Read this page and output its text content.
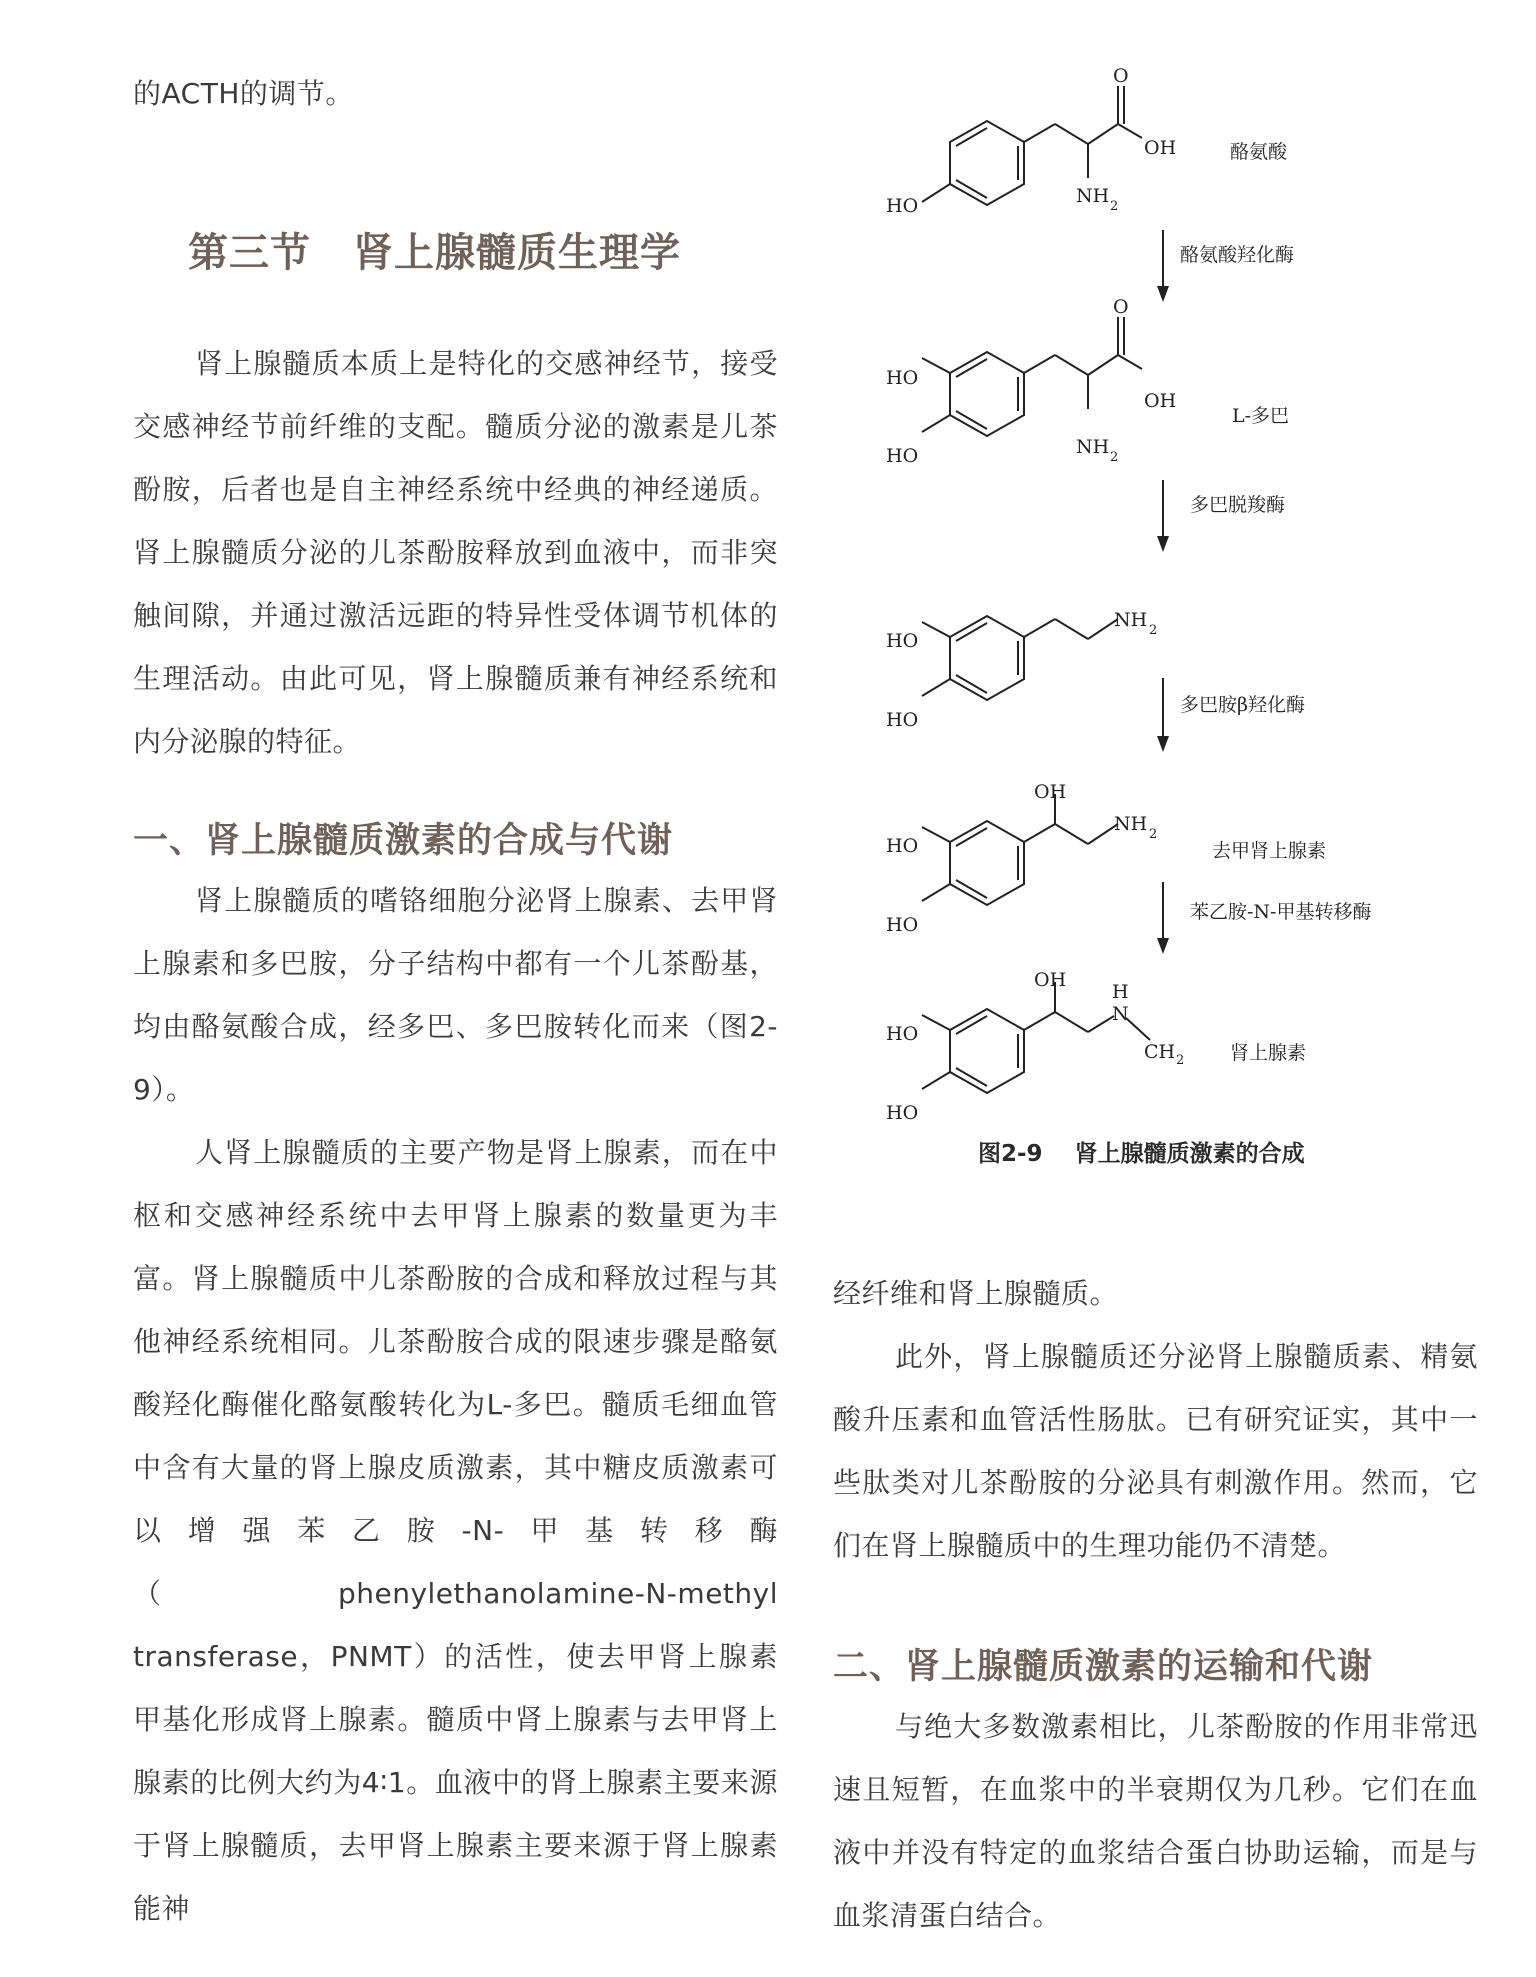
的ACTH的调节。

第三节 肾上腺髓质生理学

肾上腺髓质本质上是特化的交感神经节，接受交感神经节前纤维的支配。髓质分泌的激素是儿茶酚胺，后者也是自主神经系统中经典的神经递质。肾上腺髓质分泌的儿茶酚胺释放到血液中，而非突触间隙，并通过激活远距的特异性受体调节机体的生理活动。由此可见，肾上腺髓质兼有神经系统和内分泌腺的特征。

一、肾上腺髓质激素的合成与代谢

肾上腺髓质的嗜铬细胞分泌肾上腺素、去甲肾上腺素和多巴胺，分子结构中都有一个儿茶酚基，均由酪氨酸合成，经多巴、多巴胺转化而来（图2-9）。

人肾上腺髓质的主要产物是肾上腺素，而在中枢和交感神经系统中去甲肾上腺素的数量更为丰富。肾上腺髓质中儿茶酚胺的合成和释放过程与其他神经系统相同。儿茶酚胺合成的限速步骤是酪氨酸羟化酶催化酪氨酸转化为L-多巴。髓质毛细血管中含有大量的肾上腺皮质激素，其中糖皮质激素可以增强苯乙胺-N-甲基转移酶（phenylethanolamine-N-methyl transferase，PNMT）的活性，使去甲肾上腺素甲基化形成肾上腺素。髓质中肾上腺素与去甲肾上腺素的比例大约为4∶1。血液中的肾上腺素主要来源于肾上腺髓质，去甲肾上腺素主要来源于肾上腺素能神

O
OH
HO	NH 2
O
OH
HO
HO	NH 2
HO
HO
NH 2
OH
HO
HO
NH 2
OH
HO
HO
H
N
CH 2
酪氨酸
L-多巴
去甲肾上腺素
肾上腺素
酪氨酸羟化酶
多巴脱羧酶
多巴胺β羟化酶
苯乙胺-N-甲基转移酶
图2-9 肾上腺髓质激素的合成

经纤维和肾上腺髓质。

此外，肾上腺髓质还分泌肾上腺髓质素、精氨酸升压素和血管活性肠肽。已有研究证实，其中一些肽类对儿茶酚胺的分泌具有刺激作用。然而，它们在肾上腺髓质中的生理功能仍不清楚。

二、肾上腺髓质激素的运输和代谢

与绝大多数激素相比，儿茶酚胺的作用非常迅速且短暂，在血浆中的半衰期仅为几秒。它们在血液中并没有特定的血浆结合蛋白协助运输，而是与血浆清蛋白结合。
